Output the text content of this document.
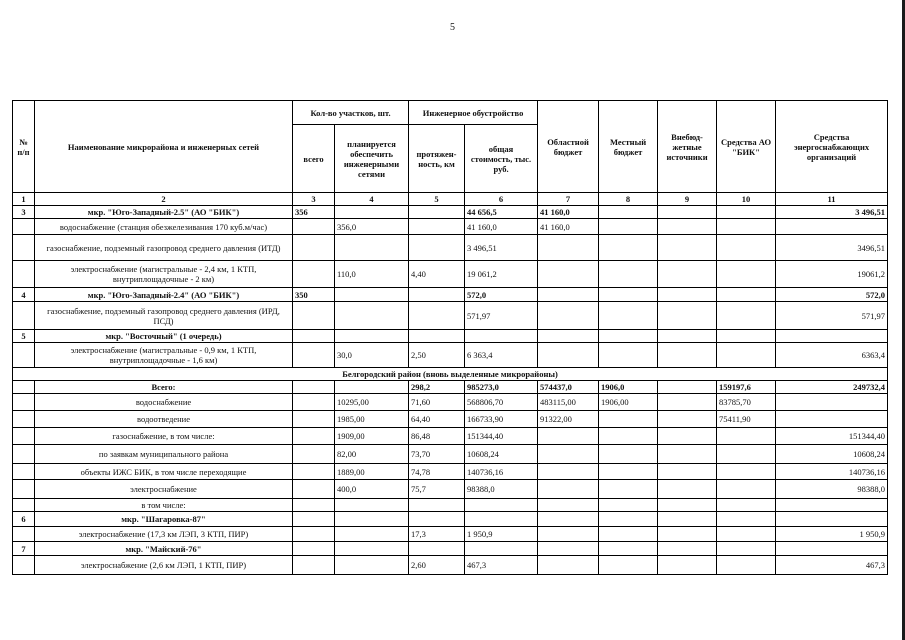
5
№ п/п	Наименование микрорайона и инженерных сетей	Кол-во участков, шт.		Инженерное обустройство		Областной бюджет	Местный бюджет	Внебюд-жетные источники	Средства АО "БИК"	Средства энергоснабжающих организаций
		всего	планируется обеспечить инженерными сетями	протяжен-ность, км	общая стоимость, тыс. руб.					
1	2	3	4	5	6	7	8	9	10	11
3	мкр. "Юго-Западный-2.5" (АО "БИК")	356			44 656,5	41 160,0				3 496,51
	водоснабжение (станция обезжелезивания 170 куб.м/час)		356,0		41 160,0	41 160,0				
	газоснабжение, подземный газопровод среднего давления (ИТД)				3 496,51					3496,51
	электроснабжение (магистральные - 2,4 км, 1 КТП, внутриплощадочные - 2 км)		110,0	4,40	19 061,2					19061,2
4	мкр. "Юго-Западный-2.4" (АО "БИК")	350			572,0					572,0
	газоснабжение, подземный газопровод среднего давления (ИРД, ПСД)				571,97					571,97
5	мкр. "Восточный" (1 очередь)									
	электроснабжение (магистральные - 0,9 км, 1 КТП, внутриплощадочные - 1,6 км)		30,0	2,50	6 363,4					6363,4
Белгородский район (вновь выделенные микрорайоны)										
	Всего:			298,2	985273,0	574437,0	1906,0		159197,6	249732,4
	водоснабжение		10295,00	71,60	568806,70	483115,00	1906,00		83785,70	
	водоотведение		1985,00	64,40	166733,90	91322,00			75411,90	
	газоснабжение, в том числе:		1909,00	86,48	151344,40					151344,40
	по заявкам муниципального района		82,00	73,70	10608,24					10608,24
	объекты ИЖС БИК, в том числе переходящие		1889,00	74,78	140736,16					140736,16
	электроснабжение		400,0	75,7	98388,0					98388,0
	в том числе:									
6	мкр. "Шагаровка-87"									
	электроснабжение (17,3 км ЛЭП, 3 КТП, ПИР)			17,3	1 950,9					1 950,9
7	мкр. "Майский-76"									
	электроснабжение (2,6 км ЛЭП, 1 КТП, ПИР)			2,60	467,3					467,3
